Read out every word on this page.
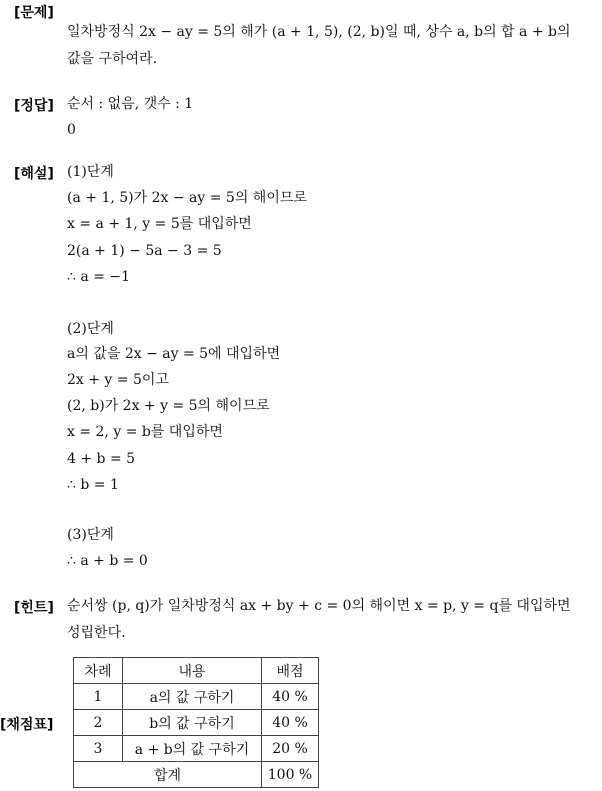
[문제]
일차방정식 2x − ay = 5의 해가 (a + 1, 5), (2, b)일 때, 상수 a, b의 합 a + b의
값을 구하여라.
[정답] 순서 : 없음, 갯수 : 1
0
[해설] (1)단계
(a + 1, 5)가 2x − ay = 5의 해이므로
x = a + 1, y = 5를 대입하면
2(a + 1) − 5a − 3 = 5
∴ a = −1
(2)단계
a의 값을 2x − ay = 5에 대입하면
2x + y = 5이고
(2, b)가 2x + y = 5의 해이므로
x = 2, y = b를 대입하면
4 + b = 5
∴ b = 1
(3)단계
∴ a + b = 0
[힌트] 순서쌍 (p, q)가 일차방정식 ax + by + c = 0의 해이면 x = p, y = q를 대입하면
성립한다.
[채점표]
차례	내용	배점
1	a의 값 구하기	40 %
2	b의 값 구하기	40 %
3	a + b의 값 구하기	20 %
합계		100 %
